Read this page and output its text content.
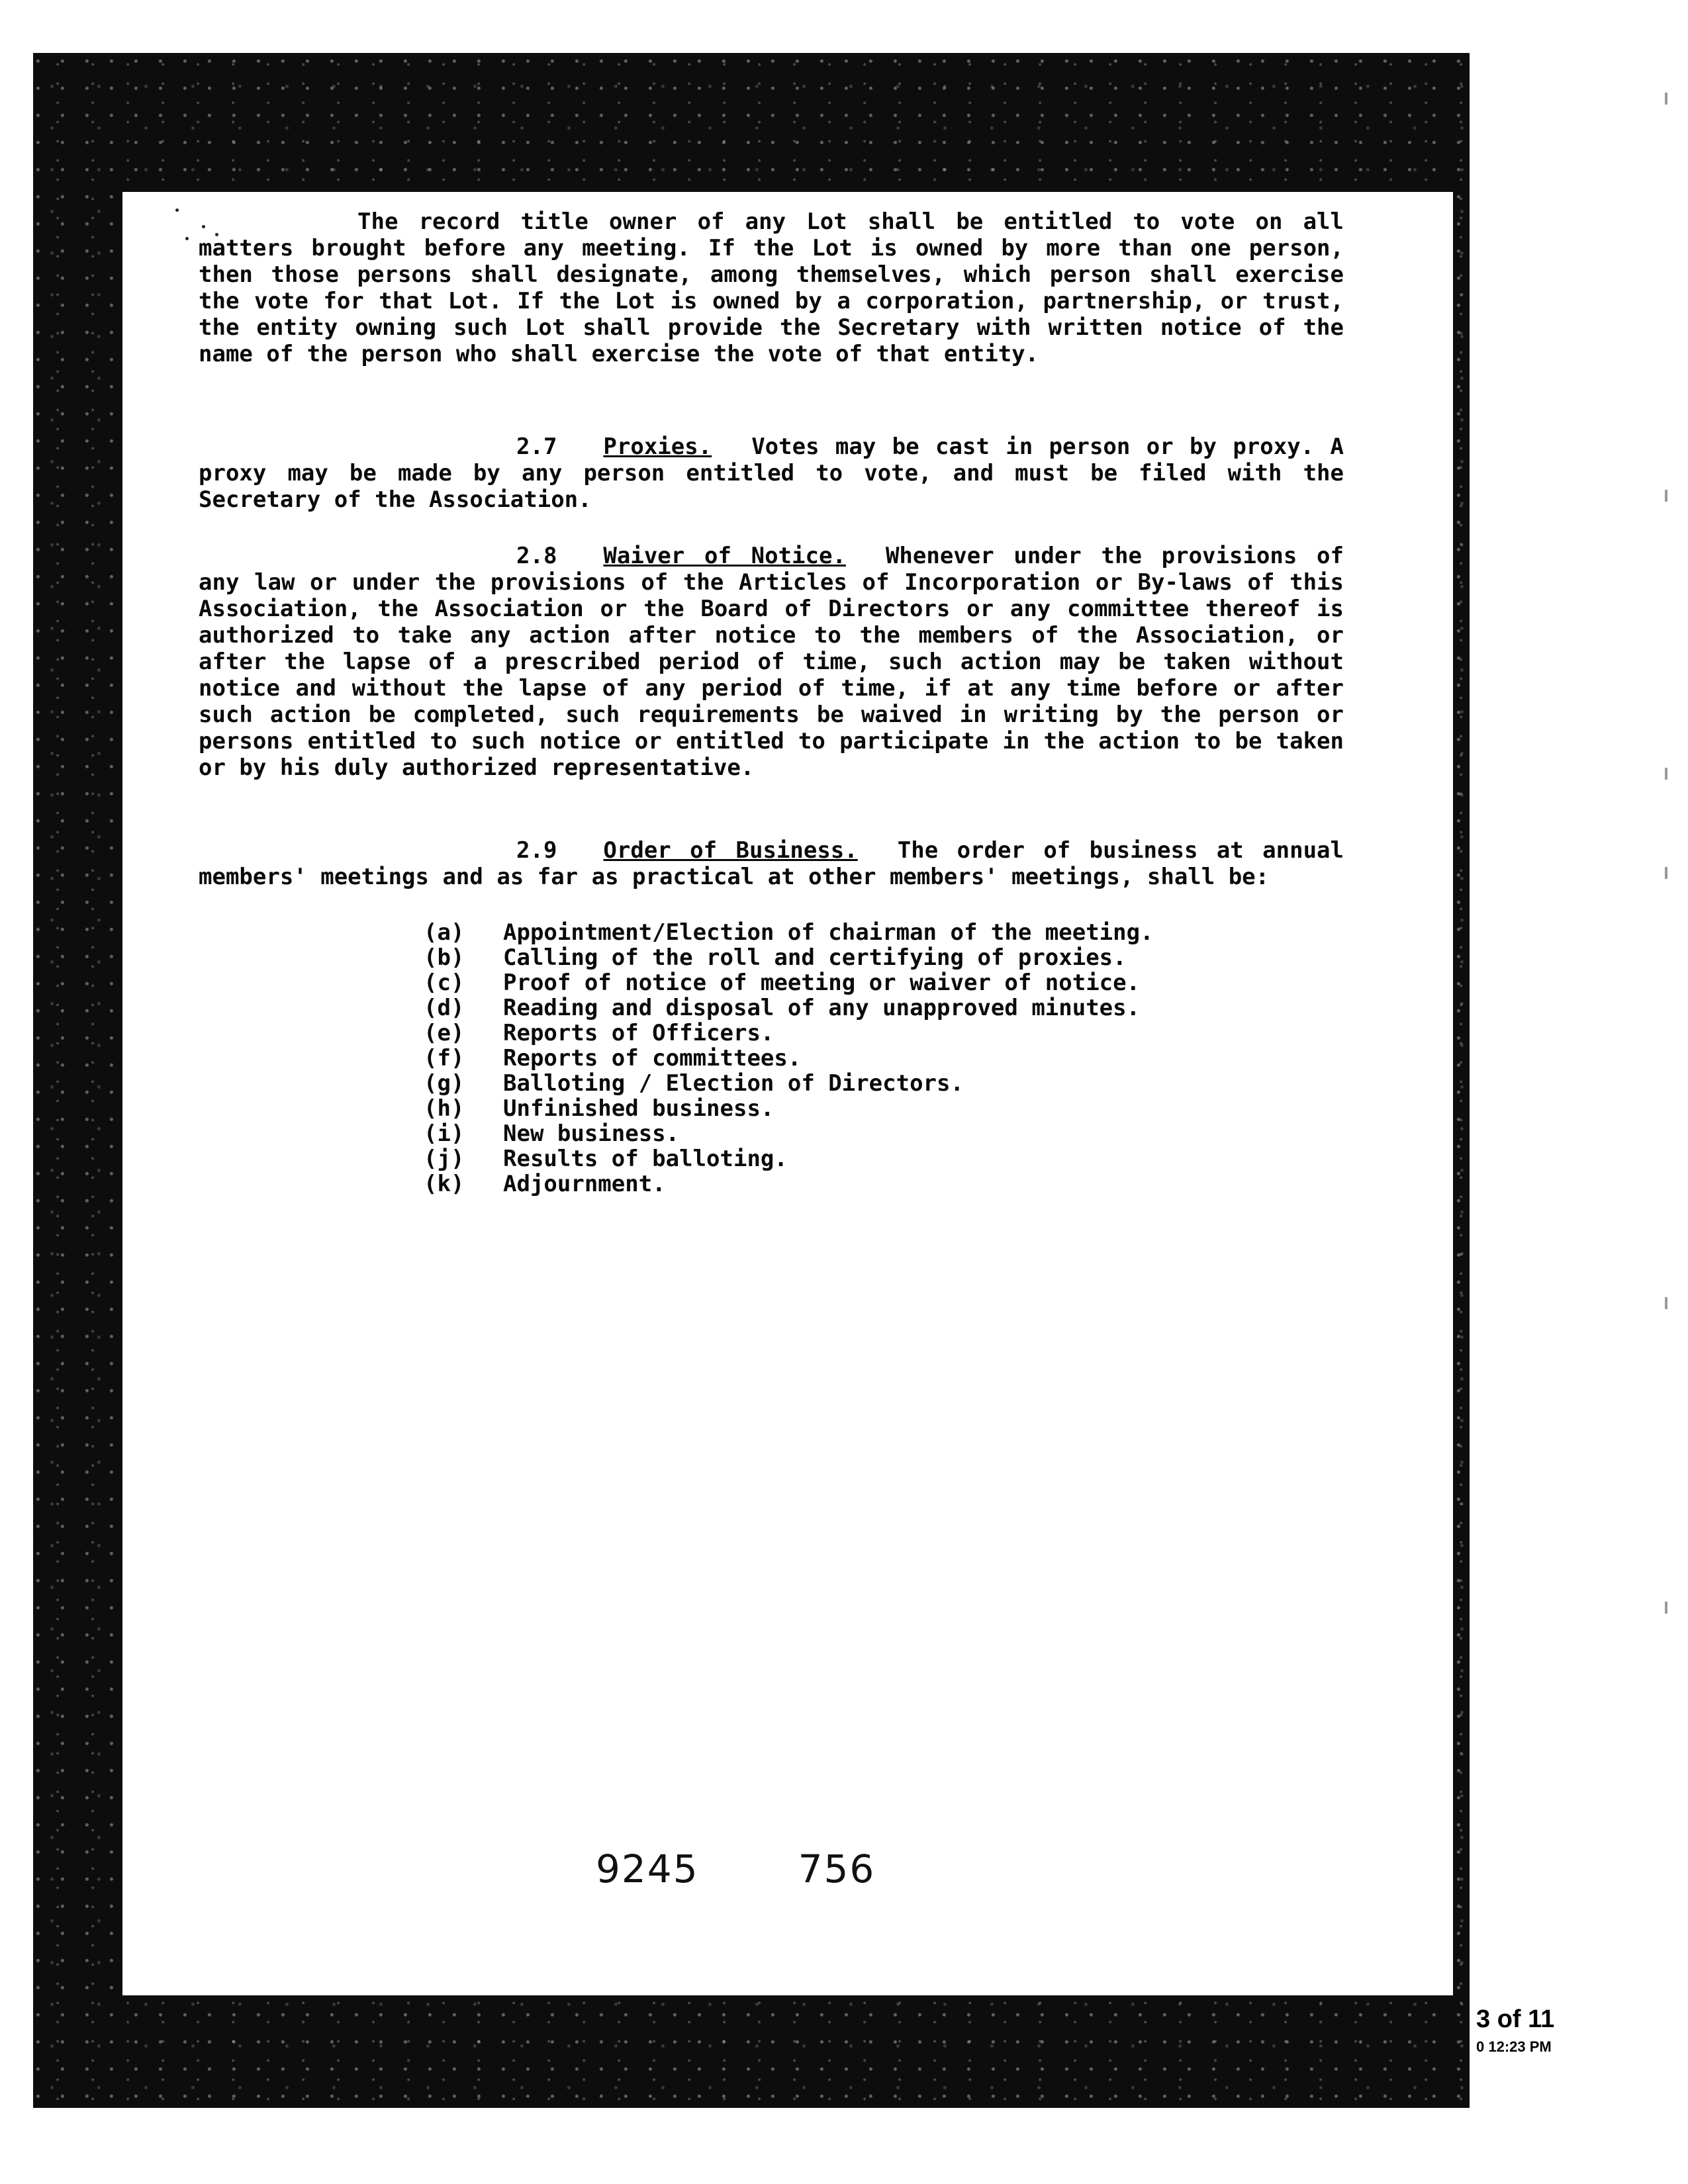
The record title owner of any Lot shall be entitled to vote on all matters brought before any meeting. If the Lot is owned by more than one person, then those persons shall designate, among themselves, which person shall exercise the vote for that Lot. If the Lot is owned by a corporation, partnership, or trust, the entity owning such Lot shall provide the Secretary with written notice of the name of the person who shall exercise the vote of that entity.

2.7 Proxies. Votes may be cast in person or by proxy. A proxy may be made by any person entitled to vote, and must be filed with the Secretary of the Association.

2.8 Waiver of Notice. Whenever under the provisions of any law or under the provisions of the Articles of Incorporation or By-laws of this Association, the Association or the Board of Directors or any committee thereof is authorized to take any action after notice to the members of the Association, or after the lapse of a prescribed period of time, such action may be taken without notice and without the lapse of any period of time, if at any time before or after such action be completed, such requirements be waived in writing by the person or persons entitled to such notice or entitled to participate in the action to be taken or by his duly authorized representative.

2.9 Order of Business. The order of business at annual members' meetings and as far as practical at other members' meetings, shall be:

(a)	Appointment/Election of chairman of the meeting.
(b)	Calling of the roll and certifying of proxies.
(c)	Proof of notice of meeting or waiver of notice.
(d)	Reading and disposal of any unapproved minutes.
(e)	Reports of Officers.
(f)	Reports of committees.
(g)	Balloting / Election of Directors.
(h)	Unfinished business.
(i)	New business.
(j)	Results of balloting.
(k)	Adjournment.
9245	756
3 of 11
0 12:23 PM
